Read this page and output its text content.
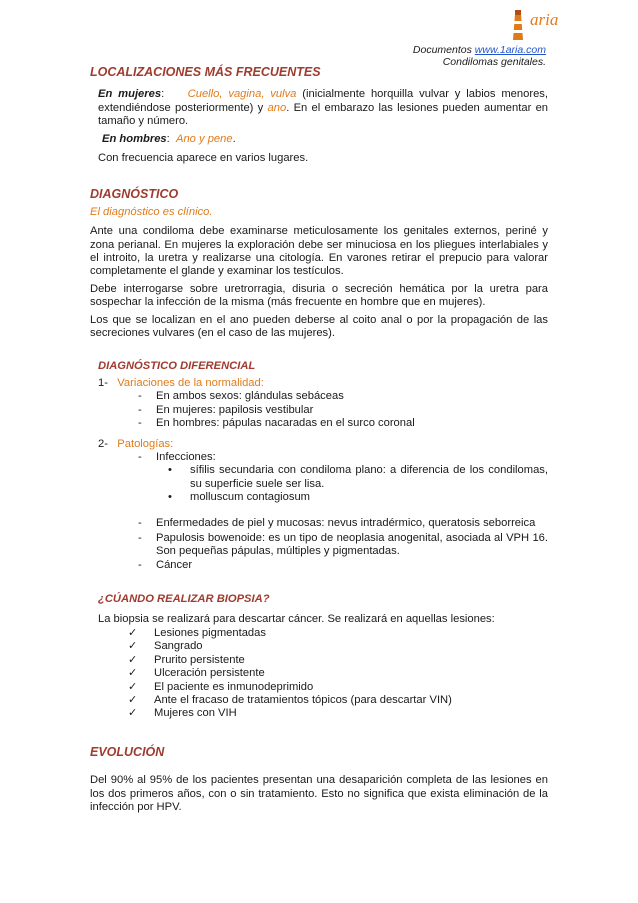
aria
Documentos www.1aria.com
Condilomas genitales.
LOCALIZACIONES MÁS FRECUENTES

En mujeres:    Cuello, vagina, vulva (inicialmente horquilla vulvar y labios menores, extendiéndose posteriormente) y ano. En el embarazo las lesiones pueden aumentar en tamaño y número.

En hombres:  Ano y pene.

Con frecuencia aparece en varios lugares.

DIAGNÓSTICO

El diagnóstico es clínico.

Ante una condiloma debe examinarse meticulosamente los genitales externos, periné y zona perianal. En mujeres la exploración debe ser minuciosa en los pliegues interlabiales y el introito, la uretra y realizarse una citología. En varones retirar el prepucio para valorar completamente el glande y examinar los testículos.

Debe interrogarse sobre uretrorragia, disuria o secreción hemática por la uretra para sospechar la infección de la misma (más frecuente en hombre que en mujeres).

Los que se localizan en el ano pueden deberse al coito anal o por la propagación de las secreciones vulvares (en el caso de las mujeres).

DIAGNÓSTICO DIFERENCIAL
1- Variaciones de la normalidad:
-	En ambos sexos: glándulas sebáceas
-	En mujeres: papilosis vestibular
-	En hombres: pápulas nacaradas en el surco coronal
2- Patologías:
-	Infecciones:
•	sífilis secundaria con condiloma plano: a diferencia de los condilomas, su superficie suele ser lisa.
•	molluscum contagiosum
-	Enfermedades de piel y mucosas: nevus intradérmico, queratosis seborreica
-	Papulosis bowenoide: es un tipo de neoplasia anogenital, asociada al VPH 16. Son pequeñas pápulas, múltiples y pigmentadas.
-	Cáncer
¿CÚANDO REALIZAR BIOPSIA?

La biopsia se realizará para descartar cáncer. Se realizará en aquellas lesiones:

✓	Lesiones pigmentadas
✓	Sangrado
✓	Prurito persistente
✓	Ulceración persistente
✓	El paciente es inmunodeprimido
✓	Ante el fracaso de tratamientos tópicos (para descartar VIN)
✓	Mujeres con VIH
EVOLUCIÓN

Del 90% al 95% de los pacientes presentan una desaparición completa de las lesiones en los dos primeros años, con o sin tratamiento. Esto no significa que exista eliminación de la infección por HPV.
